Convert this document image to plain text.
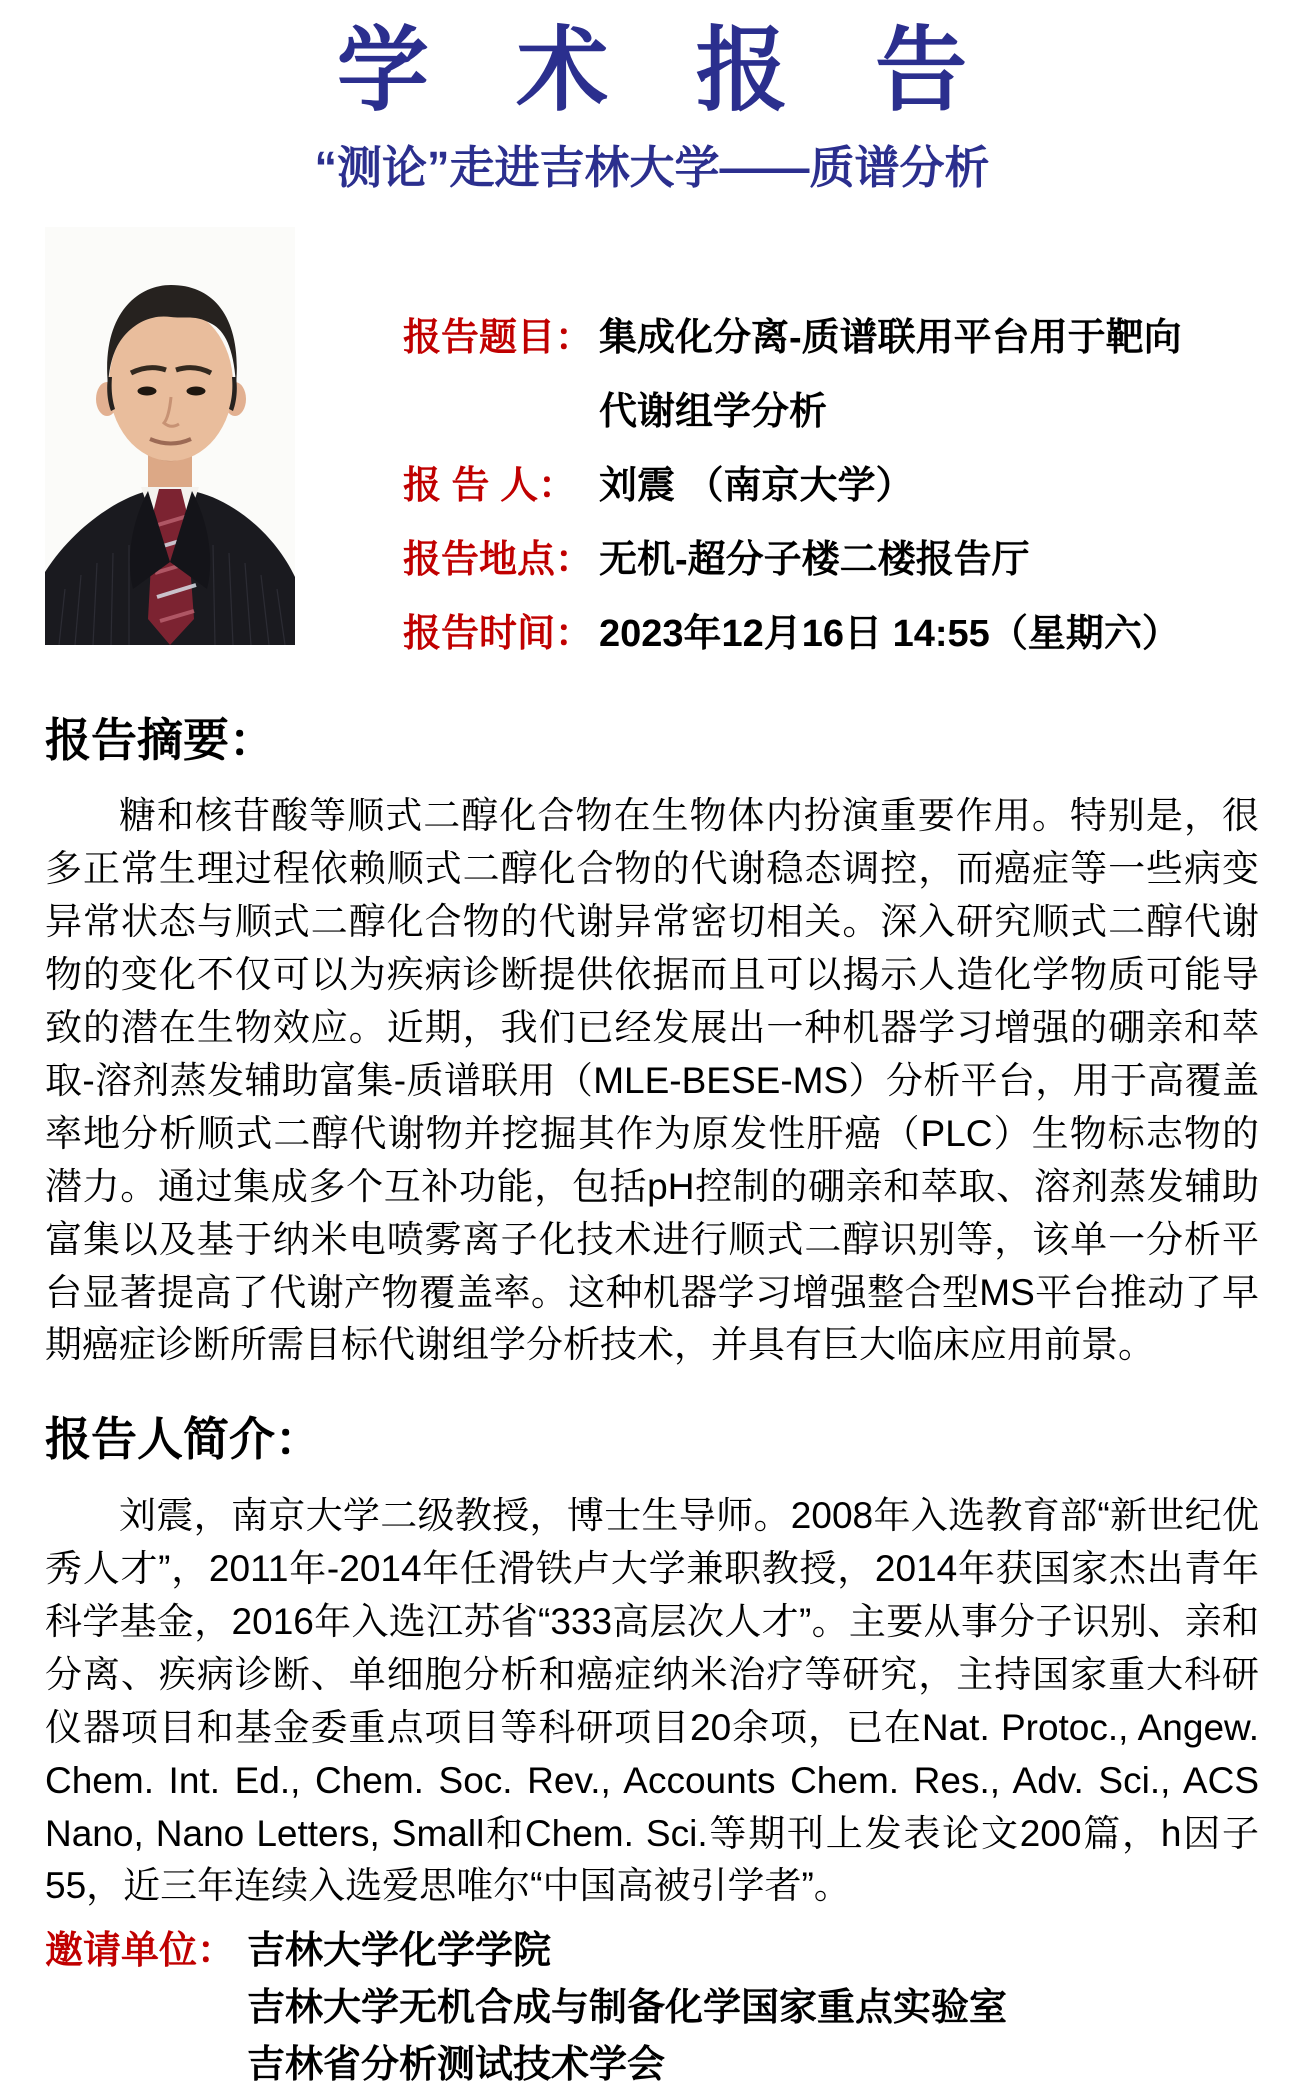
学术报告
“测论”走进吉林大学——质谱分析
报告题目： 集成化分离-质谱联用平台用于靶向
代谢组学分析
报 告 人： 刘震 （南京大学）
报告地点： 无机-超分子楼二楼报告厅
报告时间： 2023年12月16日 14:55（星期六）
报告摘要：
糖和核苷酸等顺式二醇化合物在生物体内扮演重要作用。特别是，很多正常生理过程依赖顺式二醇化合物的代谢稳态调控，而癌症等一些病变异常状态与顺式二醇化合物的代谢异常密切相关。深入研究顺式二醇代谢物的变化不仅可以为疾病诊断提供依据而且可以揭示人造化学物质可能导致的潜在生物效应。近期，我们已经发展出一种机器学习增强的硼亲和萃取-溶剂蒸发辅助富集-质谱联用（MLE-BESE-MS）分析平台，用于高覆盖率地分析顺式二醇代谢物并挖掘其作为原发性肝癌（PLC）生物标志物的潜力。通过集成多个互补功能，包括pH控制的硼亲和萃取、溶剂蒸发辅助富集以及基于纳米电喷雾离子化技术进行顺式二醇识别等，该单一分析平台显著提高了代谢产物覆盖率。这种机器学习增强整合型MS平台推动了早期癌症诊断所需目标代谢组学分析技术，并具有巨大临床应用前景。
报告人简介：
刘震，南京大学二级教授，博士生导师。2008年入选教育部“新世纪优秀人才”，2011年-2014年任滑铁卢大学兼职教授，2014年获国家杰出青年科学基金，2016年入选江苏省“333高层次人才”。主要从事分子识别、亲和分离、疾病诊断、单细胞分析和癌症纳米治疗等研究，主持国家重大科研仪器项目和基金委重点项目等科研项目20余项，已在Nat. Protoc., Angew. Chem. Int. Ed., Chem. Soc. Rev., Accounts Chem. Res., Adv. Sci., ACS Nano, Nano Letters, Small和Chem. Sci.等期刊上发表论文200篇，h因子55，近三年连续入选爱思唯尔“中国高被引学者”。
邀请单位： 吉林大学化学学院
吉林大学无机合成与制备化学国家重点实验室
吉林省分析测试技术学会
